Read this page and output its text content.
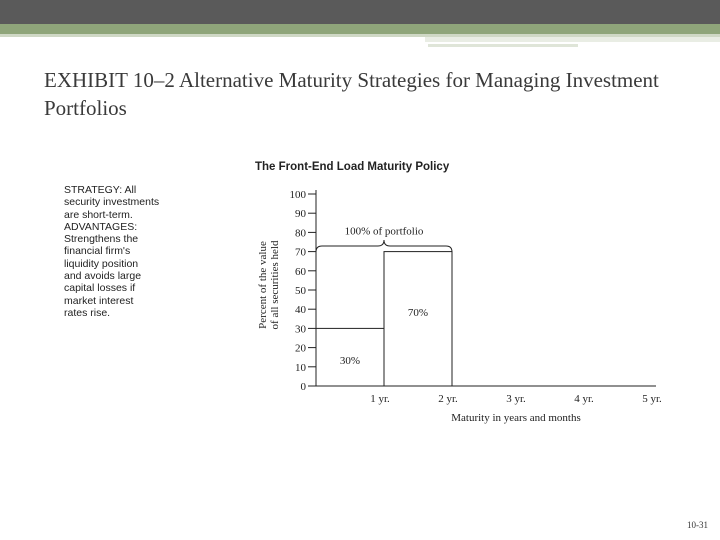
EXHIBIT 10–2 Alternative Maturity Strategies for Managing Investment Portfolios
STRATEGY: All
security investments
are short-term.
ADVANTAGES:
Strengthens the
financial firm's
liquidity position
and avoids large
capital losses if
market interest
rates rise.
The Front-End Load Maturity Policy
Percent of the value of all securities held
0
10
20
30
40
50
60
70
80
90
100
30%
70%
100% of portfolio
1 yr.	2 yr.	3 yr.	4 yr.	5 yr.
Maturity in years and months
10-31
